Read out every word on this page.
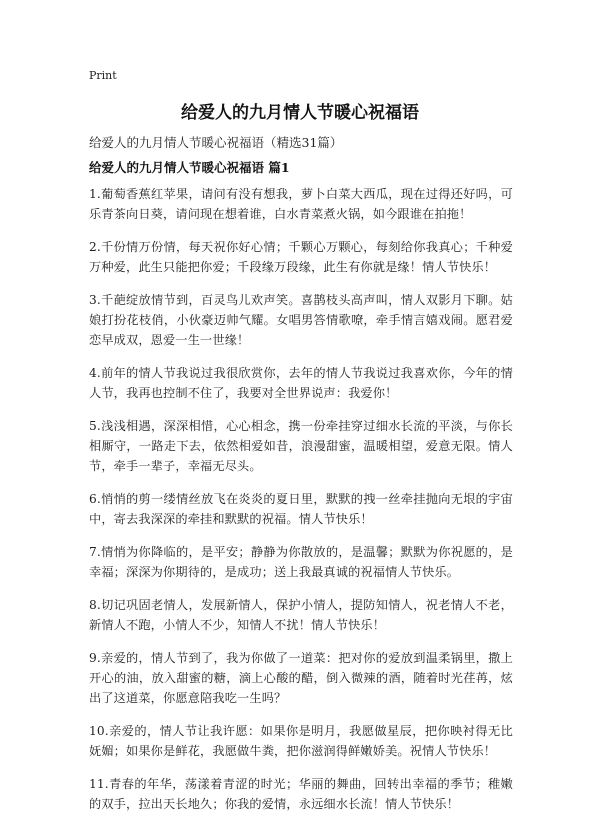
Print
给爱人的九月情人节暖心祝福语

给爱人的九月情人节暖心祝福语（精选31篇）

给爱人的九月情人节暖心祝福语 篇1

1.葡萄香蕉红苹果，请问有没有想我，萝卜白菜大西瓜，现在过得还好吗，可乐青茶向日葵，请问现在想着谁，白水青菜煮火锅，如今跟谁在拍拖！

2.千份情万份情，每天祝你好心情；千颗心万颗心，每刻给你我真心；千种爱万种爱，此生只能把你爱；千段缘万段缘，此生有你就是缘！情人节快乐！

3.千葩绽放情节到，百灵鸟儿欢声笑。喜鹊枝头高声叫，情人双影月下聊。姑娘打扮花枝俏，小伙豪迈帅气耀。女唱男答情歌嘹，牵手情言嬉戏闹。愿君爱恋早成双，恩爱一生一世缘！

4.前年的情人节我说过我很欣赏你，去年的情人节我说过我喜欢你，今年的情人节，我再也控制不住了，我要对全世界说声：我爱你！

5.浅浅相遇，深深相惜，心心相念，携一份牵挂穿过细水长流的平淡，与你长相厮守，一路走下去，依然相爱如昔，浪漫甜蜜，温暖相望，爱意无限。情人节，牵手一辈子，幸福无尽头。

6.悄悄的剪一缕情丝放飞在炎炎的夏日里，默默的拽一丝牵挂抛向无垠的宇宙中，寄去我深深的牵挂和默默的祝福。情人节快乐！

7.情悄为你降临的，是平安；静静为你散放的，是温馨；默默为你祝愿的，是幸福；深深为你期待的，是成功；送上我最真诚的祝福情人节快乐。

8.切记巩固老情人，发展新情人，保护小情人，提防知情人，祝老情人不老，新情人不跑，小情人不少，知情人不扰！情人节快乐！

9.亲爱的，情人节到了，我为你做了一道菜：把对你的爱放到温柔锅里，撒上开心的油，放入甜蜜的糖，滴上心酸的醋，倒入微辣的酒，随着时光荏苒，炫出了这道菜，你愿意陪我吃一生吗？

10.亲爱的，情人节让我许愿：如果你是明月，我愿做星辰，把你映衬得无比妩媚；如果你是鲜花，我愿做牛粪，把你滋润得鲜嫩娇美。祝情人节快乐！

11.青春的年华，荡漾着青涩的时光；华丽的舞曲，回转出幸福的季节；稚嫩的双手，拉出天长地久；你我的爱情，永远细水长流！情人节快乐！
